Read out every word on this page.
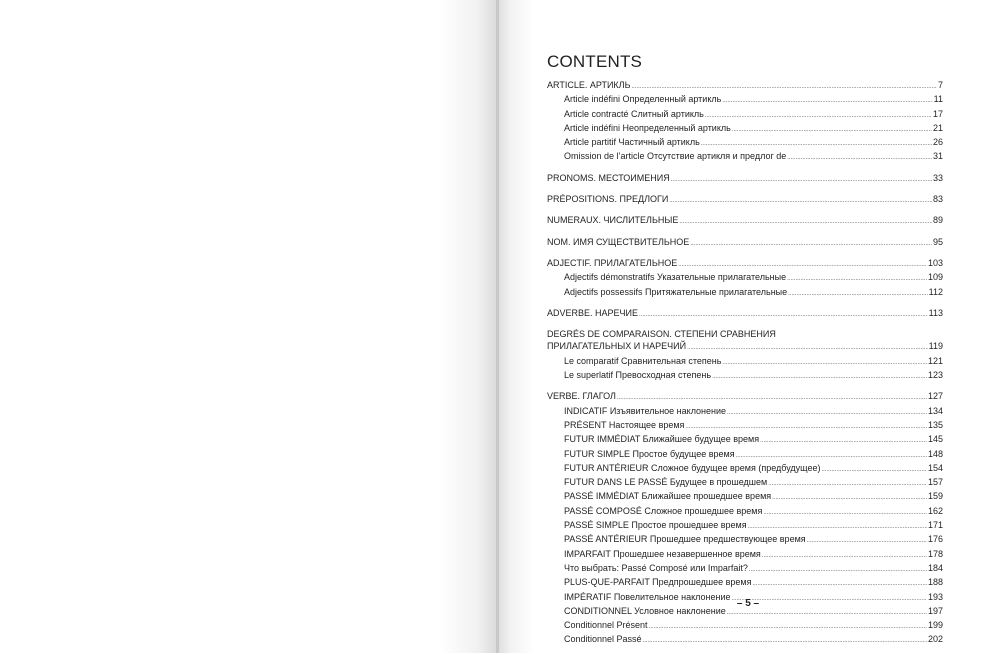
CONTENTS
ARTICLE. АРТИКЛЬ .....	7
Article indéfini Определенный артикль .....	11
Article contracté Слитный артикль .....	17
Article indéfini Неопределенный артикль .....	21
Article partitif Частичный артикль .....	26
Omission de l’article Отсутствие артикля и предлог de .....	31
PRONOMS. МЕСТОИМЕНИЯ .....	33
PRÉPOSITIONS. ПРЕДЛОГИ .....	83
NUMERAUX. ЧИСЛИТЕЛЬНЫЕ .....	89
NOM. ИМЯ СУЩЕСТВИТЕЛЬНОЕ .....	95
ADJECTIF. ПРИЛАГАТЕЛЬНОЕ .....	103
Adjectifs démonstratifs Указательные прилагательные .....	109
Adjectifs possessifs Притяжательные прилагательные .....	112
ADVERBE. НАРЕЧИЕ .....	113
DEGRÉS DE COMPARAISON. СТЕПЕНИ СРАВНЕНИЯ
ПРИЛАГАТЕЛЬНЫХ И НАРЕЧИЙ .....	119
Le comparatif Сравнительная степень .....	121
Le superlatif Превосходная степень .....	123
VERBE. ГЛАГОЛ .....	127
INDICATIF Изъявительное наклонение .....	134
PRÉSENT Настоящее время .....	135
FUTUR IMMÉDIAT Ближайшее будущее время .....	145
FUTUR SIMPLE Простое будущее время .....	148
FUTUR ANTÉRIEUR Сложное будущее время (предбудущее) .....	154
FUTUR DANS LE PASSÉ Будущее в прошедшем .....	157
PASSÉ IMMÉDIAT Ближайшее прошедшее время .....	159
PASSÉ COMPOSÉ Сложное прошедшее время .....	162
PASSÉ SIMPLE Простое прошедшее время .....	171
PASSÉ ANTÉRIEUR Прошедшее предшествующее время .....	176
IMPARFAIT Прошедшее незавершенное время .....	178
Что выбрать: Passé Composé или Imparfait? .....	184
PLUS-QUE-PARFAIT Предпрошедшее время .....	188
IMPÉRATIF Повелительное наклонение .....	193
CONDITIONNEL Условное наклонение .....	197
Conditionnel Présent .....	199
Conditionnel Passé .....	202
– 5 –
